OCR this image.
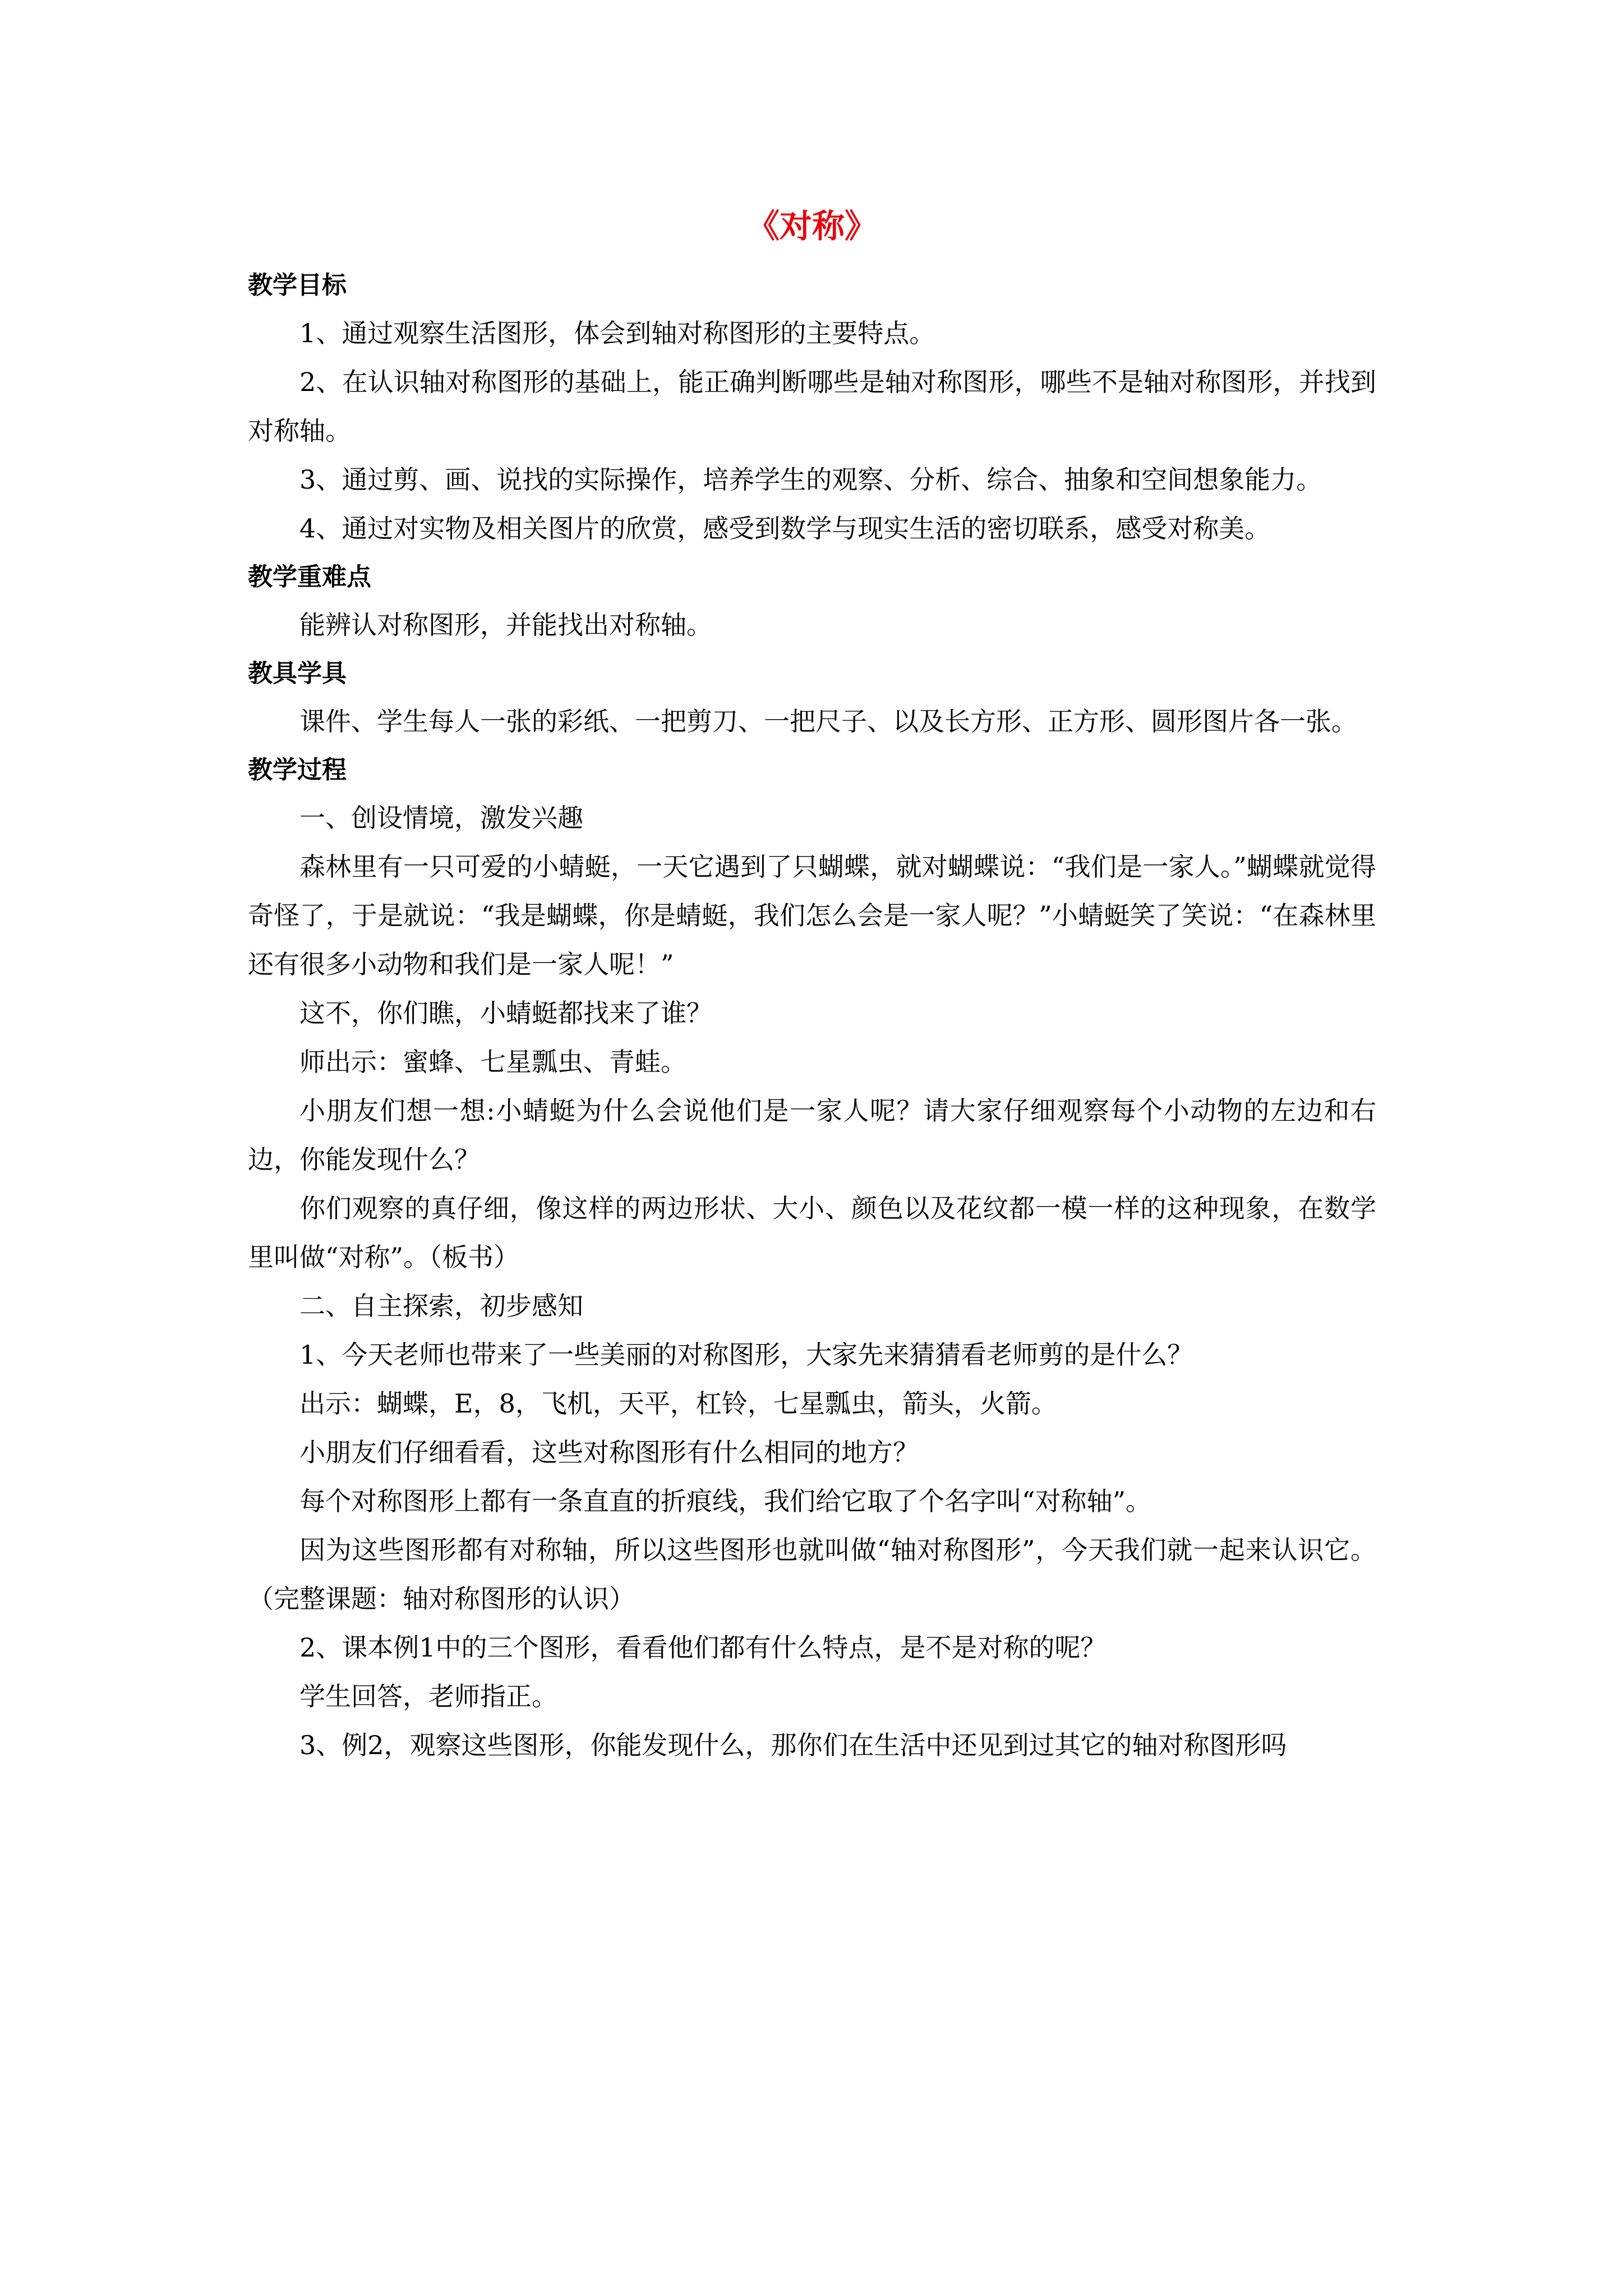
《对称》
教学目标

1、通过观察生活图形，体会到轴对称图形的主要特点。

2、在认识轴对称图形的基础上，能正确判断哪些是轴对称图形，哪些不是轴对称图形，并找到对称轴。

3、通过剪、画、说找的实际操作，培养学生的观察、分析、综合、抽象和空间想象能力。

4、通过对实物及相关图片的欣赏，感受到数学与现实生活的密切联系，感受对称美。

教学重难点

能辨认对称图形，并能找出对称轴。

教具学具

课件、学生每人一张的彩纸、一把剪刀、一把尺子、以及长方形、正方形、圆形图片各一张。

教学过程

一、创设情境，激发兴趣

森林里有一只可爱的小蜻蜓，一天它遇到了只蝴蝶，就对蝴蝶说：“我们是一家人。”蝴蝶就觉得奇怪了，于是就说：“我是蝴蝶，你是蜻蜓，我们怎么会是一家人呢？”小蜻蜓笑了笑说：“在森林里还有很多小动物和我们是一家人呢！”

这不，你们瞧，小蜻蜓都找来了谁？

师出示：蜜蜂、七星瓢虫、青蛙。

小朋友们想一想:小蜻蜓为什么会说他们是一家人呢？请大家仔细观察每个小动物的左边和右边，你能发现什么？

你们观察的真仔细，像这样的两边形状、大小、颜色以及花纹都一模一样的这种现象，在数学里叫做“对称”。（板书）

二、自主探索，初步感知

1、今天老师也带来了一些美丽的对称图形，大家先来猜猜看老师剪的是什么？

出示：蝴蝶，E，8，飞机，天平，杠铃，七星瓢虫，箭头，火箭。

小朋友们仔细看看，这些对称图形有什么相同的地方？

每个对称图形上都有一条直直的折痕线，我们给它取了个名字叫“对称轴”。

因为这些图形都有对称轴，所以这些图形也就叫做“轴对称图形”，今天我们就一起来认识它。（完整课题：轴对称图形的认识）

2、课本例1中的三个图形，看看他们都有什么特点，是不是对称的呢？

学生回答，老师指正。

3、例2，观察这些图形，你能发现什么，那你们在生活中还见到过其它的轴对称图形吗
